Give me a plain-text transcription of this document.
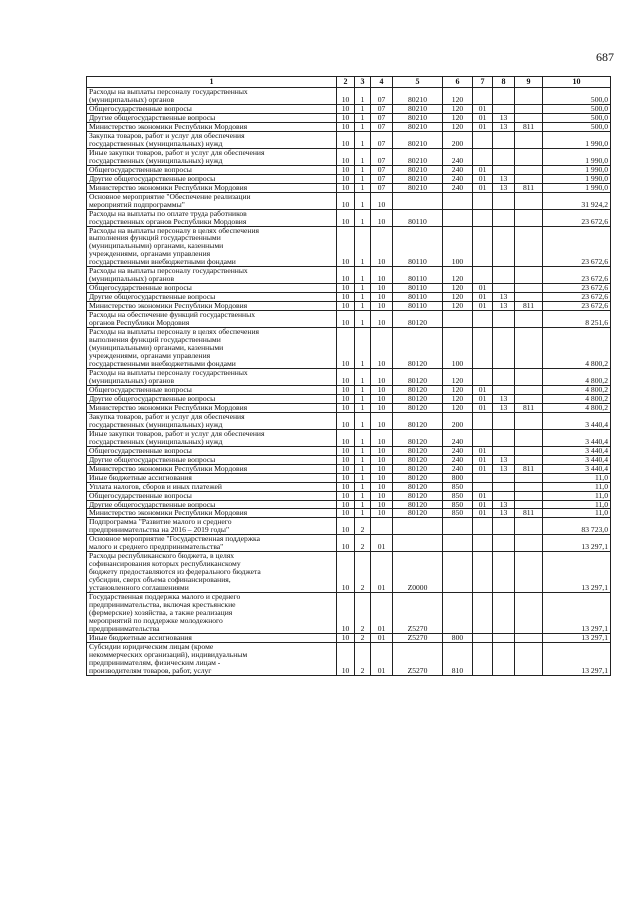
687
1	2	3	4	5	6	7	8	9	10
Расходы на выплаты персоналу государственных
(муниципальных) органов	10	1	07	80210	120				500,0
Общегосударственные вопросы	10	1	07	80210	120	01			500,0
Другие общегосударственные вопросы	10	1	07	80210	120	01	13		500,0
Министерство экономики Республики Мордовия	10	1	07	80210	120	01	13	811	500,0
Закупка товаров, работ и услуг для обеспечения
государственных (муниципальных) нужд	10	1	07	80210	200				1 990,0
Иные закупки товаров, работ и услуг для обеспечения
государственных (муниципальных) нужд	10	1	07	80210	240				1 990,0
Общегосударственные вопросы	10	1	07	80210	240	01			1 990,0
Другие общегосударственные вопросы	10	1	07	80210	240	01	13		1 990,0
Министерство экономики Республики Мордовия	10	1	07	80210	240	01	13	811	1 990,0
Основное мероприятие "Обеспечение реализации
мероприятий подпрограммы"	10	1	10						31 924,2
Расходы на выплаты по оплате труда работников
государственных органов Республики Мордовия	10	1	10	80110					23 672,6
Расходы на выплаты персоналу в целях обеспечения
выполнения функций государственными
(муниципальными) органами, казенными
учреждениями, органами управления
государственными внебюджетными фондами	10	1	10	80110	100				23 672,6
Расходы на выплаты персоналу государственных
(муниципальных) органов	10	1	10	80110	120				23 672,6
Общегосударственные вопросы	10	1	10	80110	120	01			23 672,6
Другие общегосударственные вопросы	10	1	10	80110	120	01	13		23 672,6
Министерство экономики Республики Мордовия	10	1	10	80110	120	01	13	811	23 672,6
Расходы на обеспечение функций государственных
органов Республики Мордовия	10	1	10	80120					8 251,6
Расходы на выплаты персоналу в целях обеспечения
выполнения функций государственными
(муниципальными) органами, казенными
учреждениями, органами управления
государственными внебюджетными фондами	10	1	10	80120	100				4 800,2
Расходы на выплаты персоналу государственных
(муниципальных) органов	10	1	10	80120	120				4 800,2
Общегосударственные вопросы	10	1	10	80120	120	01			4 800,2
Другие общегосударственные вопросы	10	1	10	80120	120	01	13		4 800,2
Министерство экономики Республики Мордовия	10	1	10	80120	120	01	13	811	4 800,2
Закупка товаров, работ и услуг для обеспечения
государственных (муниципальных) нужд	10	1	10	80120	200				3 440,4
Иные закупки товаров, работ и услуг для обеспечения
государственных (муниципальных) нужд	10	1	10	80120	240				3 440,4
Общегосударственные вопросы	10	1	10	80120	240	01			3 440,4
Другие общегосударственные вопросы	10	1	10	80120	240	01	13		3 440,4
Министерство экономики Республики Мордовия	10	1	10	80120	240	01	13	811	3 440,4
Иные бюджетные ассигнования	10	1	10	80120	800				11,0
Уплата налогов, сборов и иных платежей	10	1	10	80120	850				11,0
Общегосударственные вопросы	10	1	10	80120	850	01			11,0
Другие общегосударственные вопросы	10	1	10	80120	850	01	13		11,0
Министерство экономики Республики Мордовия	10	1	10	80120	850	01	13	811	11,0
Подпрограмма "Развитие малого и среднего
предпринимательства на 2016 – 2019 годы"	10	2							83 723,0
Основное мероприятие "Государственная поддержка
малого и среднего предпринимательства"	10	2	01						13 297,1
Расходы республиканского бюджета, в целях
софинансирования которых республиканскому
бюджету предоставляются из федерального бюджета
субсидии, сверх объема софинансирования,
установленного соглашениями	10	2	01	Z0000					13 297,1
Государственная поддержка малого и среднего
предпринимательства, включая крестьянские
(фермерские) хозяйства, а также реализация
мероприятий по поддержке молодежного
предпринимательства	10	2	01	Z5270					13 297,1
Иные бюджетные ассигнования	10	2	01	Z5270	800				13 297,1
Субсидии юридическим лицам (кроме
некоммерческих организаций), индивидуальным
предпринимателям, физическим лицам -
производителям товаров, работ, услуг	10	2	01	Z5270	810				13 297,1
